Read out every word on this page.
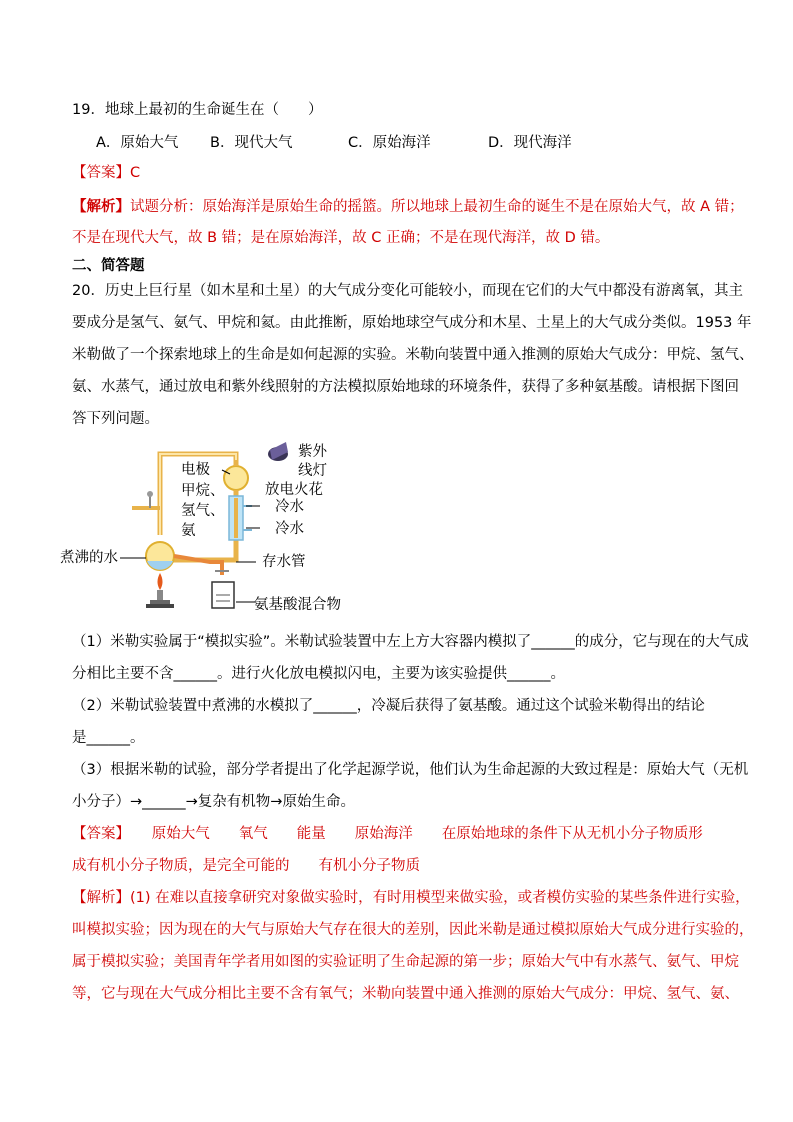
19．地球上最初的生命诞生在（　　）
A．原始大气 B．现代大气	C．原始海洋	D．现代海洋
【答案】C
【解析】试题分析：原始海洋是原始生命的摇篮。所以地球上最初生命的诞生不是在原始大气，故 A 错；
不是在现代大气，故 B 错；是在原始海洋，故 C 正确；不是在现代海洋，故 D 错。
二、简答题
20．历史上巨行星（如木星和土星）的大气成分变化可能较小，而现在它们的大气中都没有游离氧，其主
要成分是氢气、氨气、甲烷和氦。由此推断，原始地球空气成分和木星、土星上的大气成分类似。1953 年
米勒做了一个探索地球上的生命是如何起源的实验。米勒向装置中通入推测的原始大气成分：甲烷、氢气、
氨、水蒸气，通过放电和紫外线照射的方法模拟原始地球的环境条件，获得了多种氨基酸。请根据下图回
答下列问题。
电极
甲烷、
氢气、
氨
紫外
线灯
放电火花
冷水
冷水
煮沸的水	存水管
氨基酸混合物
（1）米勒实验属于“模拟实验”。米勒试验装置中左上方大容器内模拟了______的成分，它与现在的大气成
分相比主要不含______。进行火化放电模拟闪电，主要为该实验提供______。
（2）米勒试验装置中煮沸的水模拟了______，冷凝后获得了氨基酸。通过这个试验米勒得出的结论
是______。
（3）根据米勒的试验，部分学者提出了化学起源学说，他们认为生命起源的大致过程是：原始大气（无机
小分子）→______→复杂有机物→原始生命。
【答案】　　原始大气　　氧气　　能量　　原始海洋　　在原始地球的条件下从无机小分子物质形
成有机小分子物质，是完全可能的　　有机小分子物质
【解析】(1) 在难以直接拿研究对象做实验时，有时用模型来做实验，或者模仿实验的某些条件进行实验，
叫模拟实验；因为现在的大气与原始大气存在很大的差别，因此米勒是通过模拟原始大气成分进行实验的，
属于模拟实验；美国青年学者用如图的实验证明了生命起源的第一步；原始大气中有水蒸气、氨气、甲烷
等，它与现在大气成分相比主要不含有氧气；米勒向装置中通入推测的原始大气成分：甲烷、氢气、氨、
